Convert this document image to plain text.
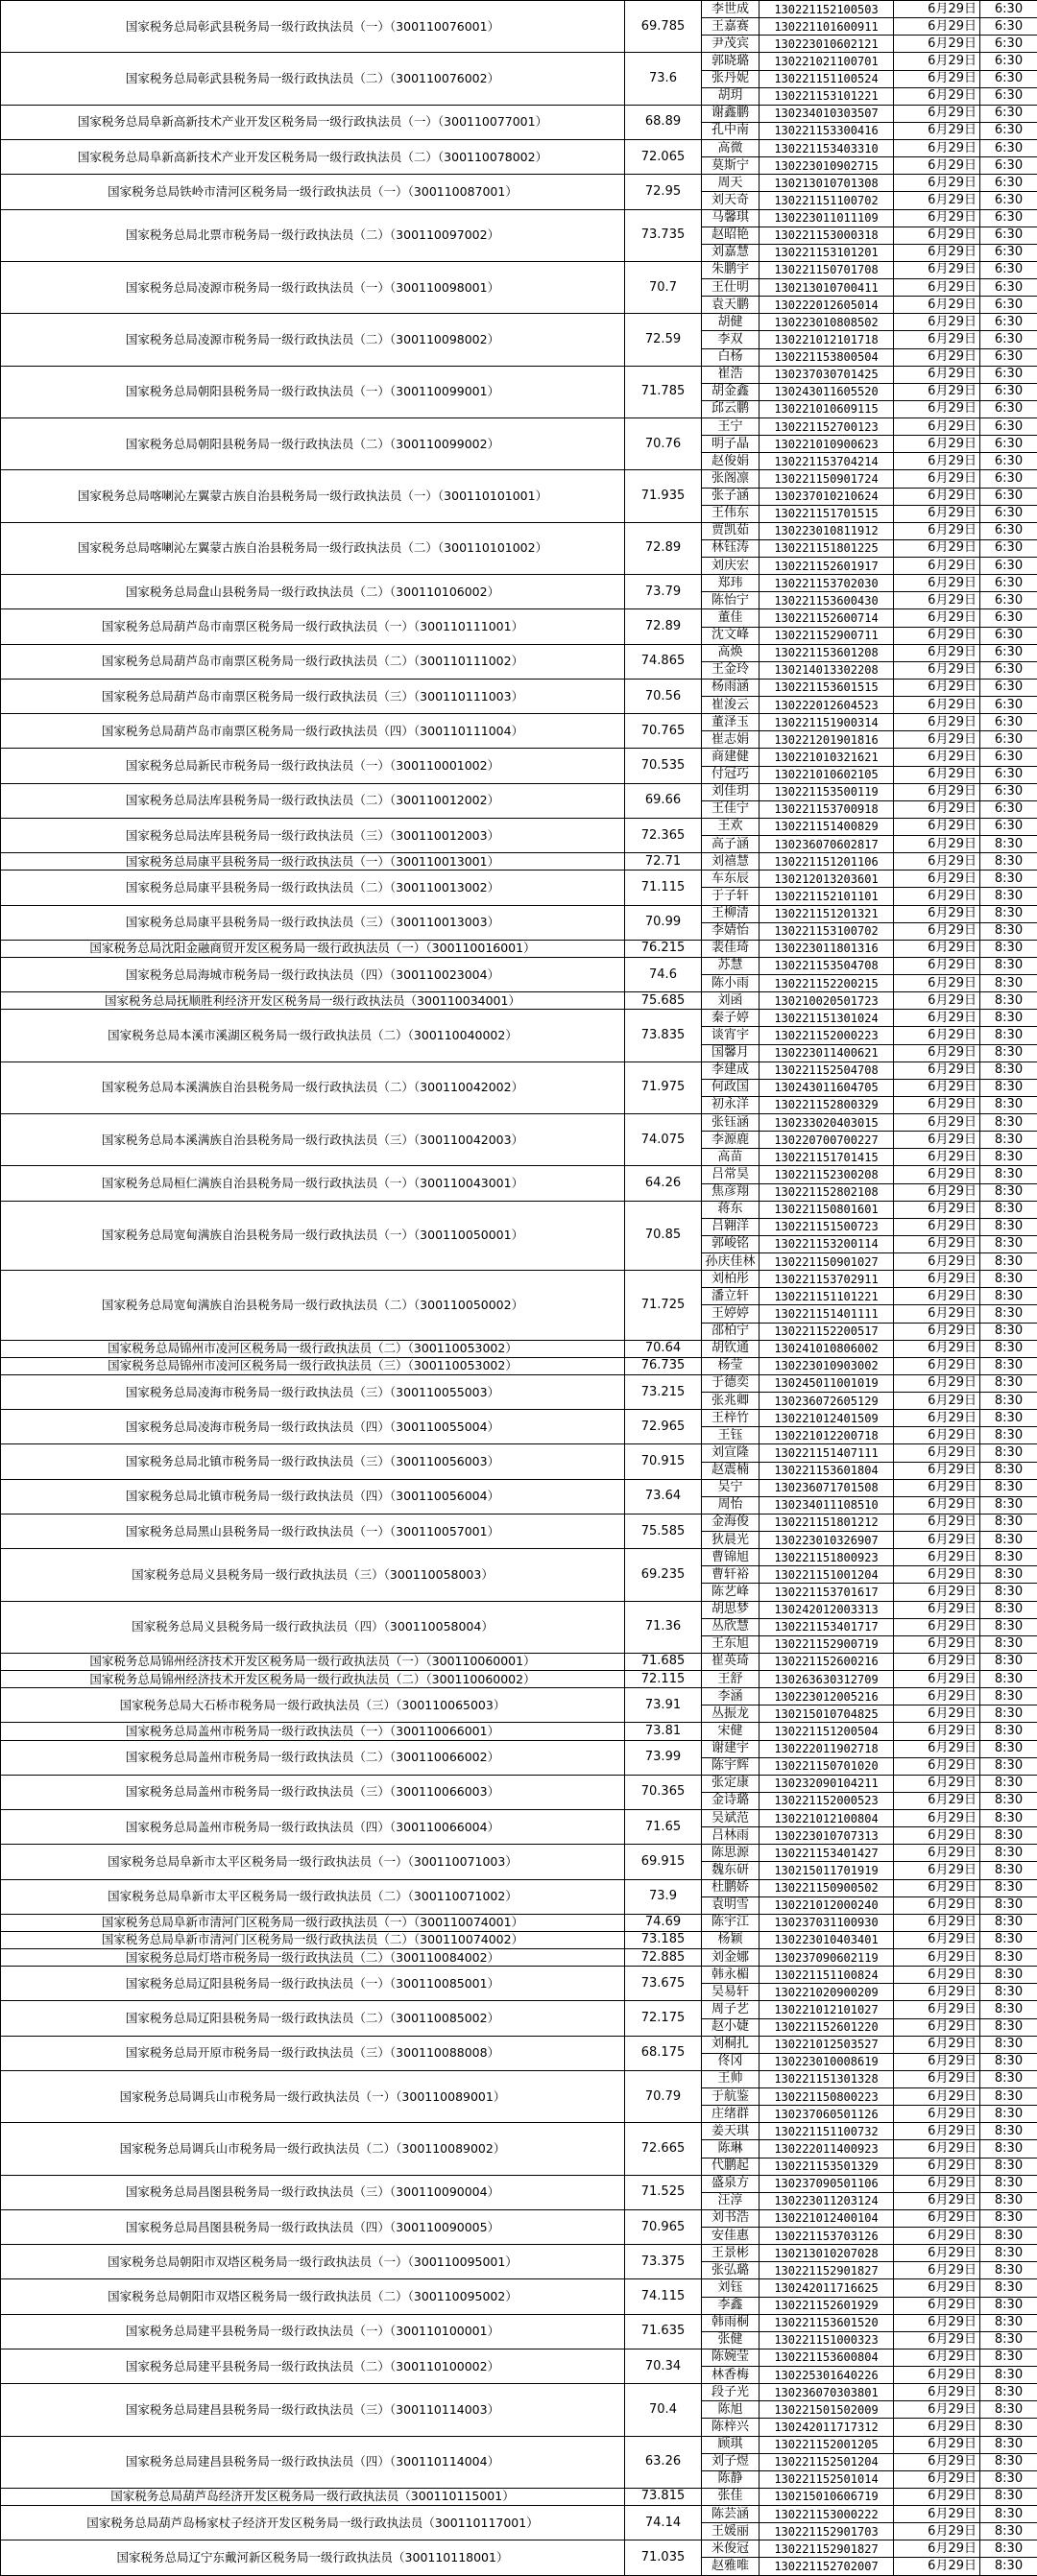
国家税务总局彰武县税务局一级行政执法员（一）（300110076001）	69.785	李世成	130221152100503	6月29日	6:30
		王嘉赛	130221101600911	6月29日	6:30
		尹茂宾	130223010602121	6月29日	6:30
国家税务总局彰武县税务局一级行政执法员（二）（300110076002）	73.6	郭晓璐	130221021100701	6月29日	6:30
		张丹妮	130221151100524	6月29日	6:30
		胡玥	130221153101221	6月29日	6:30
国家税务总局阜新高新技术产业开发区税务局一级行政执法员（一）（300110077001）	68.89	谢鑫鹏	130234010303507	6月29日	6:30
		孔中南	130221153300416	6月29日	6:30
国家税务总局阜新高新技术产业开发区税务局一级行政执法员（二）（300110078002）	72.065	高微	130221153403310	6月29日	6:30
		莫斯宁	130223010902715	6月29日	6:30
国家税务总局铁岭市清河区税务局一级行政执法员（一）（300110087001）	72.95	周天	130213010701308	6月29日	6:30
		刘天奇	130221151100702	6月29日	6:30
国家税务总局北票市税务局一级行政执法员（二）（300110097002）	73.735	马馨琪	130223011011109	6月29日	6:30
		赵昭艳	130221153000318	6月29日	6:30
		刘嘉慧	130221153101201	6月29日	6:30
国家税务总局凌源市税务局一级行政执法员（一）（300110098001）	70.7	朱鹏宇	130221150701708	6月29日	6:30
		王仕明	130213010700411	6月29日	6:30
		袁天鹏	130222012605014	6月29日	6:30
国家税务总局凌源市税务局一级行政执法员（二）（300110098002）	72.59	胡健	130223010808502	6月29日	6:30
		李双	130221012101718	6月29日	6:30
		白杨	130221153800504	6月29日	6:30
国家税务总局朝阳县税务局一级行政执法员（一）（300110099001）	71.785	崔浩	130237030701425	6月29日	6:30
		胡金鑫	130243011605520	6月29日	6:30
		邱云鹏	130221010609115	6月29日	6:30
国家税务总局朝阳县税务局一级行政执法员（二）（300110099002）	70.76	王宁	130221152700123	6月29日	6:30
		明子晶	130221010900623	6月29日	6:30
		赵俊娟	130221153704214	6月29日	6:30
国家税务总局喀喇沁左翼蒙古族自治县税务局一级行政执法员（一）（300110101001）	71.935	张阁凛	130221150901724	6月29日	6:30
		张子涵	130237010210624	6月29日	6:30
		王伟东	130221151701515	6月29日	6:30
国家税务总局喀喇沁左翼蒙古族自治县税务局一级行政执法员（二）（300110101002）	72.89	贾凯茹	130223010811912	6月29日	6:30
		林钰涛	130221151801225	6月29日	6:30
		刘庆宏	130221152601917	6月29日	6:30
国家税务总局盘山县税务局一级行政执法员（二）（300110106002）	73.79	郑玮	130221153702030	6月29日	6:30
		陈怡宁	130221153600430	6月29日	6:30
国家税务总局葫芦岛市南票区税务局一级行政执法员（一）（300110111001）	72.89	董佳	130221152600714	6月29日	6:30
		沈文峰	130221152900711	6月29日	6:30
国家税务总局葫芦岛市南票区税务局一级行政执法员（二）（300110111002）	74.865	高焕	130221153601208	6月29日	6:30
		王金玲	130214013302208	6月29日	6:30
国家税务总局葫芦岛市南票区税务局一级行政执法员（三）（300110111003）	70.56	杨雨涵	130221153601515	6月29日	6:30
		崔浚云	130222012604523	6月29日	6:30
国家税务总局葫芦岛市南票区税务局一级行政执法员（四）（300110111004）	70.765	董泽玉	130221151900314	6月29日	6:30
		崔志娟	130221201901816	6月29日	6:30
国家税务总局新民市税务局一级行政执法员（一）（300110001002）	70.535	商建健	130221010321621	6月29日	6:30
		付冠巧	130221010602105	6月29日	6:30
国家税务总局法库县税务局一级行政执法员（二）（300110012002）	69.66	刘佳玥	130221153500119	6月29日	6:30
		王佳宁	130221153700918	6月29日	6:30
国家税务总局法库县税务局一级行政执法员（三）（300110012003）	72.365	王欢	130221151400829	6月29日	6:30
		高子涵	130236070602817	6月29日	8:30
国家税务总局康平县税务局一级行政执法员（一）（300110013001）	72.71	刘禧慧	130221151201106	6月29日	8:30
国家税务总局康平县税务局一级行政执法员（二）（300110013002）	71.115	车东辰	130212013203601	6月29日	8:30
		于子轩	130221152101101	6月29日	8:30
国家税务总局康平县税务局一级行政执法员（三）（300110013003）	70.99	王柳清	130221151201321	6月29日	8:30
		李婧怡	130221153100702	6月29日	8:30
国家税务总局沈阳金融商贸开发区税务局一级行政执法员（一）（300110016001）	76.215	裴佳琦	130223011801316	6月29日	8:30
国家税务总局海城市税务局一级行政执法员（四）（300110023004）	74.6	苏慧	130221153504708	6月29日	8:30
		陈小雨	130221152200215	6月29日	8:30
国家税务总局抚顺胜利经济开发区税务局一级行政执法员（300110034001）	75.685	刘函	130210020501723	6月29日	8:30
国家税务总局本溪市溪湖区税务局一级行政执法员（二）（300110040002）	73.835	秦子婷	130221151301024	6月29日	8:30
		谈宵宇	130221152000223	6月29日	8:30
		国馨月	130223011400621	6月29日	8:30
国家税务总局本溪满族自治县税务局一级行政执法员（二）（300110042002）	71.975	李建成	130221152504708	6月29日	8:30
		何政国	130243011604705	6月29日	8:30
		初永洋	130221152800329	6月29日	8:30
国家税务总局本溪满族自治县税务局一级行政执法员（三）（300110042003）	74.075	张钰涵	130233020403015	6月29日	8:30
		李源鹿	130220700700227	6月29日	8:30
		高苗	130221151701415	6月29日	8:30
国家税务总局桓仁满族自治县税务局一级行政执法员（一）（300110043001）	64.26	吕常昊	130221152300208	6月29日	8:30
		焦彦翔	130221152802108	6月29日	8:30
国家税务总局宽甸满族自治县税务局一级行政执法员（一）（300110050001）	70.85	蒋东	130221150801601	6月29日	8:30
		吕翱洋	130221151500723	6月29日	8:30
		郭峻铭	130221153200114	6月29日	8:30
		孙庆佳林	130221150901027	6月29日	8:30
国家税务总局宽甸满族自治县税务局一级行政执法员（二）（300110050002）	71.725	刘柏彤	130221153702911	6月29日	8:30
		潘立轩	130221151101221	6月29日	8:30
		王婷婷	130221151401111	6月29日	8:30
		邵柏宁	130221152200517	6月29日	8:30
国家税务总局锦州市凌河区税务局一级行政执法员（二）（300110053002）	70.64	胡钦通	130241010806002	6月29日	8:30
国家税务总局锦州市凌河区税务局一级行政执法员（三）（300110053002）	76.735	杨莹	130223010903002	6月29日	8:30
国家税务总局凌海市税务局一级行政执法员（三）（300110055003）	73.215	于德奕	130245011001019	6月29日	8:30
		张兆卿	130236072605129	6月29日	8:30
国家税务总局凌海市税务局一级行政执法员（四）（300110055004）	72.965	王梓竹	130221012401509	6月29日	8:30
		王钰	130221012200718	6月29日	8:30
国家税务总局北镇市税务局一级行政执法员（三）（300110056003）	70.915	刘宣隆	130221151407111	6月29日	8:30
		赵震楠	130221153601804	6月29日	8:30
国家税务总局北镇市税务局一级行政执法员（四）（300110056004）	73.64	吴宁	130236071701508	6月29日	8:30
		周怡	130234011108510	6月29日	8:30
国家税务总局黑山县税务局一级行政执法员（一）（300110057001）	75.585	金海俊	130221151801212	6月29日	8:30
		狄晨光	130223010326907	6月29日	8:30
国家税务总局义县税务局一级行政执法员（三）（300110058003）	69.235	曹锦旭	130221151800923	6月29日	8:30
		曹轩裕	130221151001204	6月29日	8:30
		陈艺峰	130221153701617	6月29日	8:30
国家税务总局义县税务局一级行政执法员（四）（300110058004）	71.36	胡思梦	130242012003313	6月29日	8:30
		丛欣慧	130221153401717	6月29日	8:30
		王东旭	130221152900719	6月29日	8:30
国家税务总局锦州经济技术开发区税务局一级行政执法员（一）（300110060001）	71.685	崔英琦	130221152600216	6月29日	8:30
国家税务总局锦州经济技术开发区税务局一级行政执法员（二）（300110060002）	72.115	王舒	130263630312709	6月29日	8:30
国家税务总局大石桥市税务局一级行政执法员（三）（300110065003）	73.91	李涵	130223012005216	6月29日	8:30
		丛振龙	130215010704825	6月29日	8:30
国家税务总局盖州市税务局一级行政执法员（一）（300110066001）	73.81	宋健	130221151200504	6月29日	8:30
国家税务总局盖州市税务局一级行政执法员（二）（300110066002）	73.99	谢建宇	130222011902718	6月29日	8:30
		陈宇辉	130221150701020	6月29日	8:30
国家税务总局盖州市税务局一级行政执法员（三）（300110066003）	70.365	张定康	130232090104211	6月29日	8:30
		金诗璐	130221152000523	6月29日	8:30
国家税务总局盖州市税务局一级行政执法员（四）（300110066004）	71.65	吴斌范	130221012100804	6月29日	8:30
		吕林雨	130223010707313	6月29日	8:30
国家税务总局阜新市太平区税务局一级行政执法员（一）（300110071003）	69.915	陈思源	130221153401427	6月29日	8:30
		魏东研	130215011701919	6月29日	8:30
国家税务总局阜新市太平区税务局一级行政执法员（二）（300110071002）	73.9	杜鹏娇	130221150900502	6月29日	8:30
		袁明雪	130221012000240	6月29日	8:30
国家税务总局阜新市清河门区税务局一级行政执法员（一）（300110074001）	74.69	陈宇江	130237031100930	6月29日	8:30
国家税务总局阜新市清河门区税务局一级行政执法员（二）（300110074002）	73.185	杨颖	130223010403401	6月29日	8:30
国家税务总局灯塔市税务局一级行政执法员（二）（300110084002）	72.885	刘金娜	130237090602119	6月29日	8:30
国家税务总局辽阳县税务局一级行政执法员（一）（300110085001）	73.675	韩永楣	130221151100824	6月29日	8:30
		吴易轩	130221020900209	6月29日	8:30
国家税务总局辽阳县税务局一级行政执法员（二）（300110085002）	72.175	周子艺	130221012101027	6月29日	8:30
		赵小婕	130221152601220	6月29日	8:30
国家税务总局开原市税务局一级行政执法员（三）（300110088008）	68.175	刘桐扎	130221012503527	6月29日	8:30
		佟冈	130223010008619	6月29日	8:30
国家税务总局调兵山市税务局一级行政执法员（一）（300110089001）	70.79	王帅	130221151301328	6月29日	8:30
		于航鉴	130221150800223	6月29日	8:30
		庄绪群	130237060501126	6月29日	8:30
国家税务总局调兵山市税务局一级行政执法员（二）（300110089002）	72.665	姜天琪	130221151100732	6月29日	8:30
		陈琳	130222011400923	6月29日	8:30
		代鹏起	130221153501329	6月29日	8:30
国家税务总局昌图县税务局一级行政执法员（三）（300110090004）	71.525	盛泉方	130237090501106	6月29日	8:30
		汪淳	130223011203124	6月29日	8:30
国家税务总局昌图县税务局一级行政执法员（四）（300110090005）	70.965	刘书浩	130221012400104	6月29日	8:30
		安佳惠	130221153703126	6月29日	8:30
国家税务总局朝阳市双塔区税务局一级行政执法员（一）（300110095001）	73.375	王景彬	130213010207028	6月29日	8:30
		张弘璐	130221152901827	6月29日	8:30
国家税务总局朝阳市双塔区税务局一级行政执法员（二）（300110095002）	74.115	刘钰	130242011716625	6月29日	8:30
		李鑫	130221152601929	6月29日	8:30
国家税务总局建平县税务局一级行政执法员（一）（300110100001）	71.635	韩雨桐	130221153601520	6月29日	8:30
		张健	130221151000323	6月29日	8:30
国家税务总局建平县税务局一级行政执法员（二）（300110100002）	70.34	陈婉莹	130221153600804	6月29日	8:30
		林香梅	130225301640226	6月29日	8:30
国家税务总局建昌县税务局一级行政执法员（三）（300110114003）	70.4	段子光	130236070303801	6月29日	8:30
		陈旭	130221501502009	6月29日	8:30
		陈梓兴	130242011717312	6月29日	8:30
国家税务总局建昌县税务局一级行政执法员（四）（300110114004）	63.26	顾琪	130221152001205	6月29日	8:30
		刘子煜	130221152501204	6月29日	8:30
		陈静	130221152501014	6月29日	8:30
国家税务总局葫芦岛经济开发区税务局一级行政执法员（300110115001）	73.815	张佳	130215010606719	6月29日	8:30
国家税务总局葫芦岛杨家杖子经济开发区税务局一级行政执法员（300110117001）	74.14	陈芸涵	130221153000222	6月29日	8:30
		王媛丽	130221152901703	6月29日	8:30
国家税务总局辽宁东戴河新区税务局一级行政执法员（300110118001）	71.035	米俊冠	130221152901827	6月29日	8:30
		赵雅唯	130221152702007	6月29日	8:30
